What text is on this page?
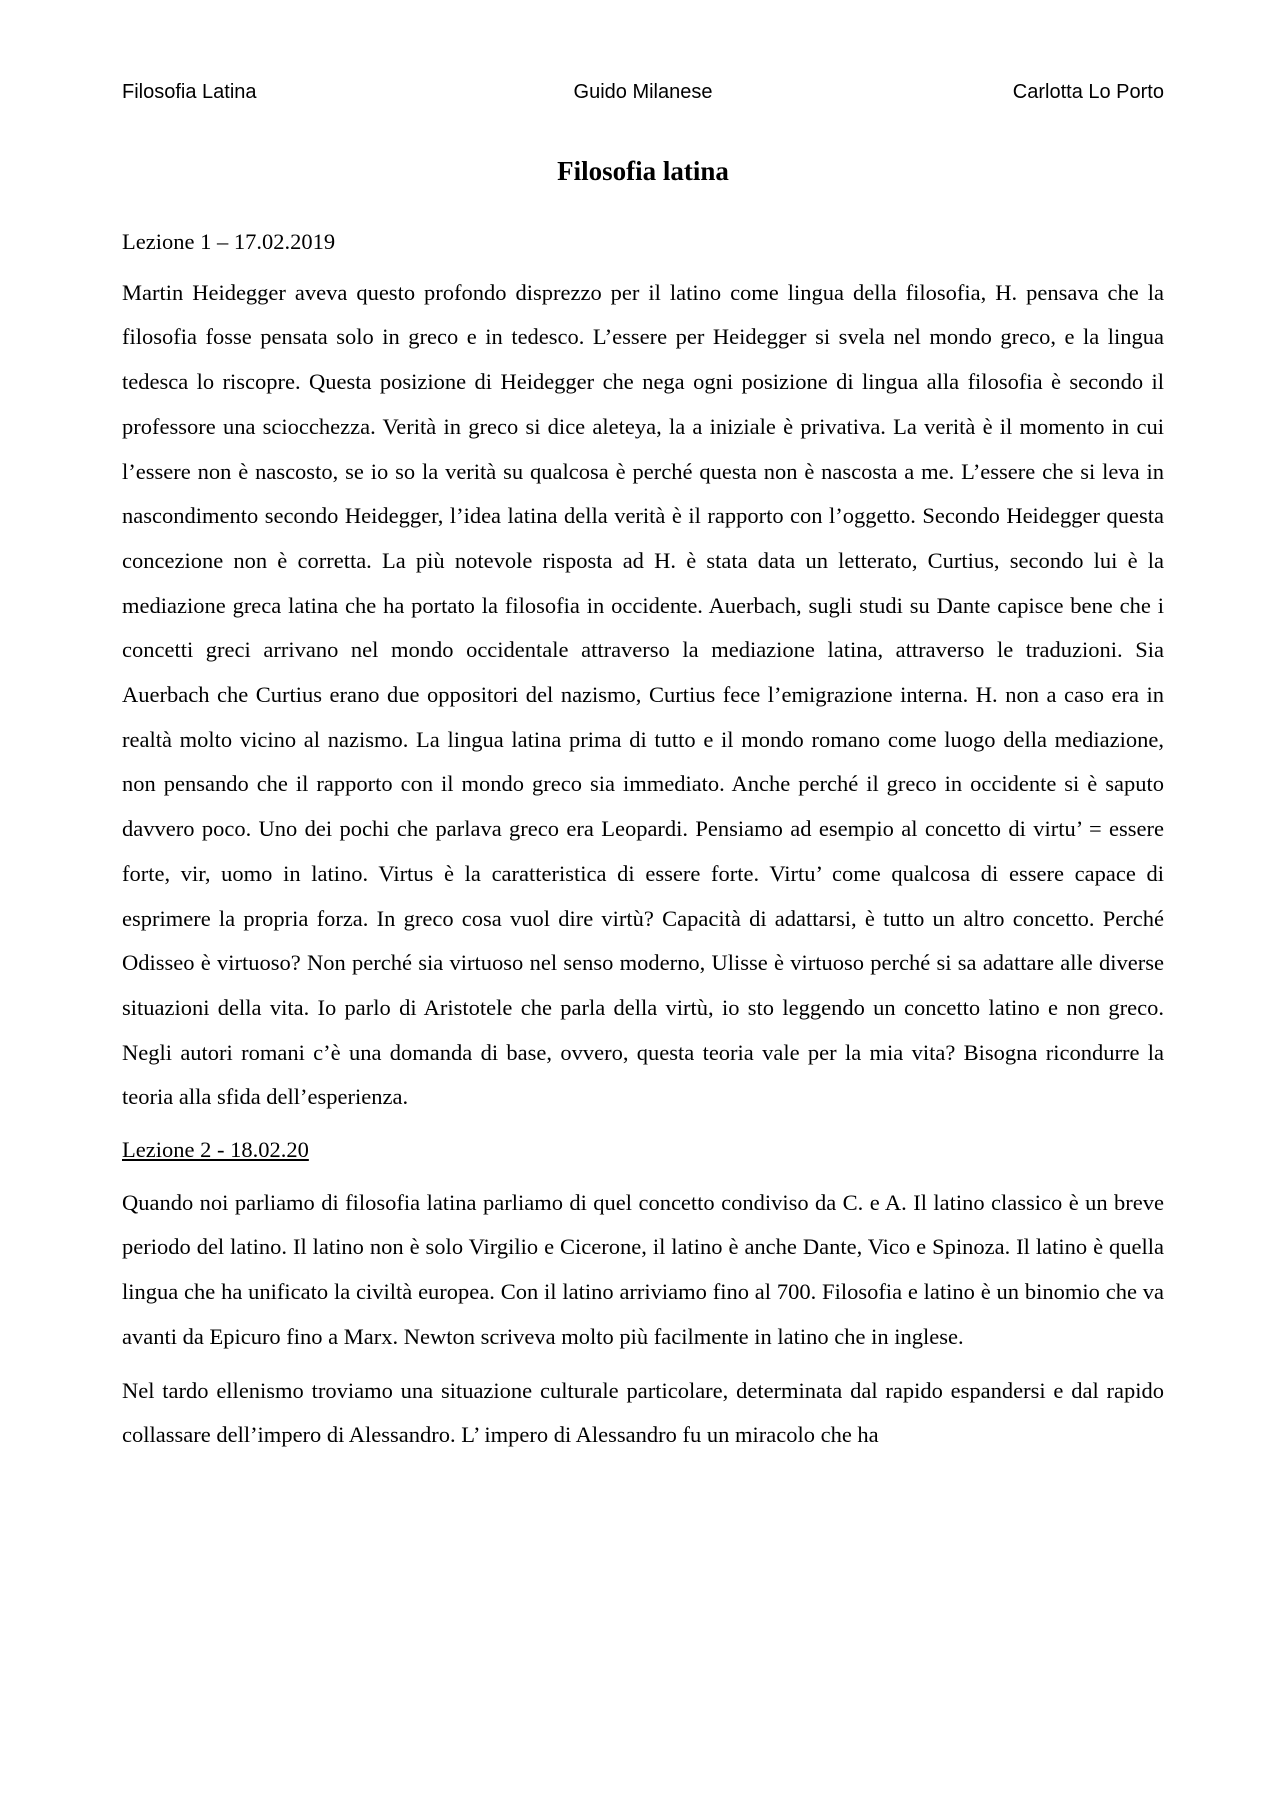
Filosofia Latina	Guido Milanese	Carlotta Lo Porto
Filosofia latina

Lezione 1 – 17.02.2019

Martin Heidegger aveva questo profondo disprezzo per il latino come lingua della filosofia, H. pensava che la filosofia fosse pensata solo in greco e in tedesco. L’essere per Heidegger si svela nel mondo greco, e la lingua tedesca lo riscopre. Questa posizione di Heidegger che nega ogni posizione di lingua alla filosofia è secondo il professore una sciocchezza. Verità in greco si dice aleteya, la a iniziale è privativa. La verità è il momento in cui l’essere non è nascosto, se io so la verità su qualcosa è perché questa non è nascosta a me. L’essere che si leva in nascondimento secondo Heidegger, l’idea latina della verità è il rapporto con l’oggetto. Secondo Heidegger questa concezione non è corretta. La più notevole risposta ad H. è stata data un letterato, Curtius, secondo lui è la mediazione greca latina che ha portato la filosofia in occidente. Auerbach, sugli studi su Dante capisce bene che i concetti greci arrivano nel mondo occidentale attraverso la mediazione latina, attraverso le traduzioni. Sia Auerbach che Curtius erano due oppositori del nazismo, Curtius fece l’emigrazione interna. H. non a caso era in realtà molto vicino al nazismo. La lingua latina prima di tutto e il mondo romano come luogo della mediazione, non pensando che il rapporto con il mondo greco sia immediato. Anche perché il greco in occidente si è saputo davvero poco. Uno dei pochi che parlava greco era Leopardi. Pensiamo ad esempio al concetto di virtu’ = essere forte, vir, uomo in latino. Virtus è la caratteristica di essere forte. Virtu’ come qualcosa di essere capace di esprimere la propria forza. In greco cosa vuol dire virtù? Capacità di adattarsi, è tutto un altro concetto. Perché Odisseo è virtuoso? Non perché sia virtuoso nel senso moderno, Ulisse è virtuoso perché si sa adattare alle diverse situazioni della vita. Io parlo di Aristotele che parla della virtù, io sto leggendo un concetto latino e non greco. Negli autori romani c’è una domanda di base, ovvero, questa teoria vale per la mia vita? Bisogna ricondurre la teoria alla sfida dell’esperienza.

Lezione 2 - 18.02.20

Quando noi parliamo di filosofia latina parliamo di quel concetto condiviso da C. e A. Il latino classico è un breve periodo del latino. Il latino non è solo Virgilio e Cicerone, il latino è anche Dante, Vico e Spinoza. Il latino è quella lingua che ha unificato la civiltà europea. Con il latino arriviamo fino al 700. Filosofia e latino è un binomio che va avanti da Epicuro fino a Marx. Newton scriveva molto più facilmente in latino che in inglese.

Nel tardo ellenismo troviamo una situazione culturale particolare, determinata dal rapido espandersi e dal rapido collassare dell’impero di Alessandro. L’ impero di Alessandro fu un miracolo che ha
